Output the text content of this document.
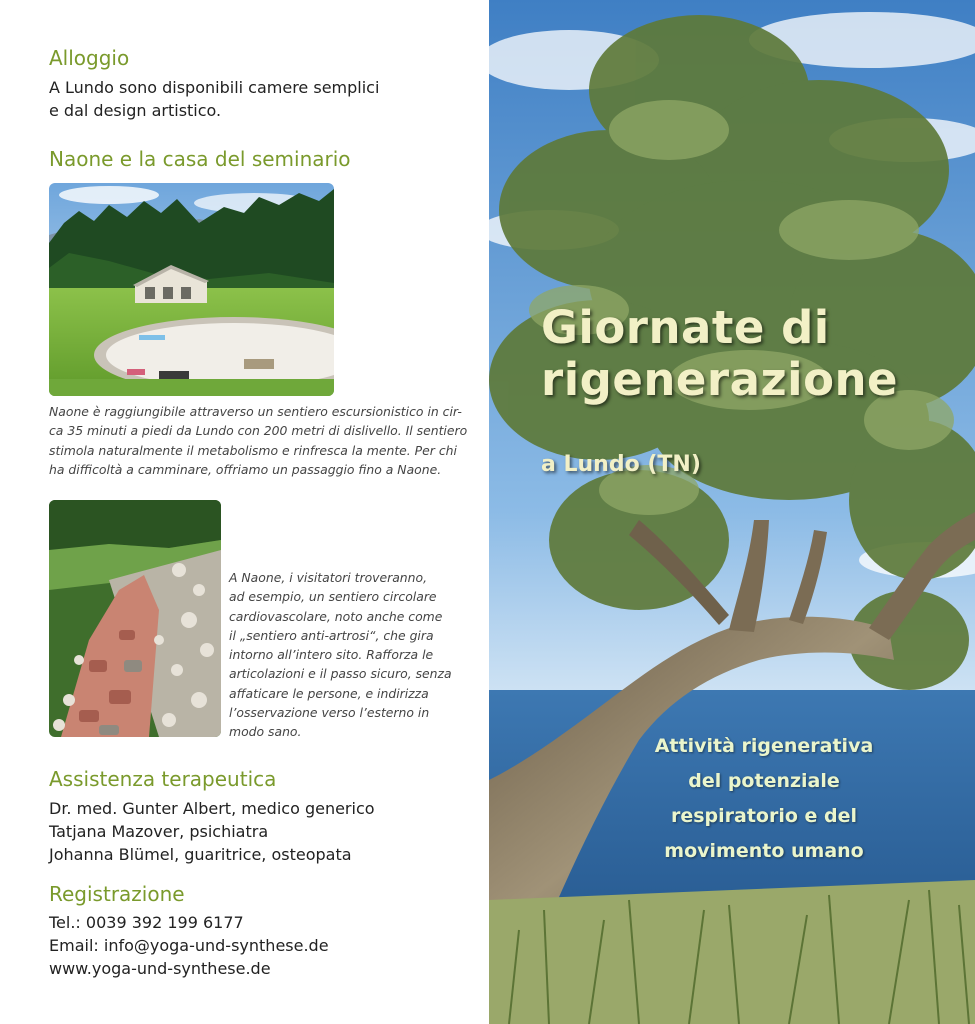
Alloggio

A Lundo sono disponibili camere semplici
e dal design artistico.

Naone e la casa del seminario

Naone è raggiungibile attraverso un sentiero escursionistico in cir-
ca 35 minuti a piedi da Lundo con 200 metri di dislivello. Il sentiero
stimola naturalmente il metabolismo e rinfresca la mente. Per chi
ha difficoltà a camminare, offriamo un passaggio fino a Naone.

A Naone, i visitatori troveranno,
ad esempio, un sentiero circolare
cardiovascolare, noto anche come
il „sentiero anti-artrosi“, che gira
intorno all’intero sito. Rafforza le
articolazioni e il passo sicuro, senza
affaticare le persone, e indirizza
l’osservazione verso l’esterno in
modo sano.

Assistenza terapeutica

Dr. med. Gunter Albert, medico generico
Tatjana Mazover, psichiatra
Johanna Blümel, guaritrice, osteopata

Registrazione

Tel.: 0039 392 199 6177
Email: info@yoga-und-synthese.de
www.yoga-und-synthese.de

Giornate di
rigenerazione

a Lundo (TN)

Attività rigenerativa
del potenziale
respiratorio e del
movimento umano
